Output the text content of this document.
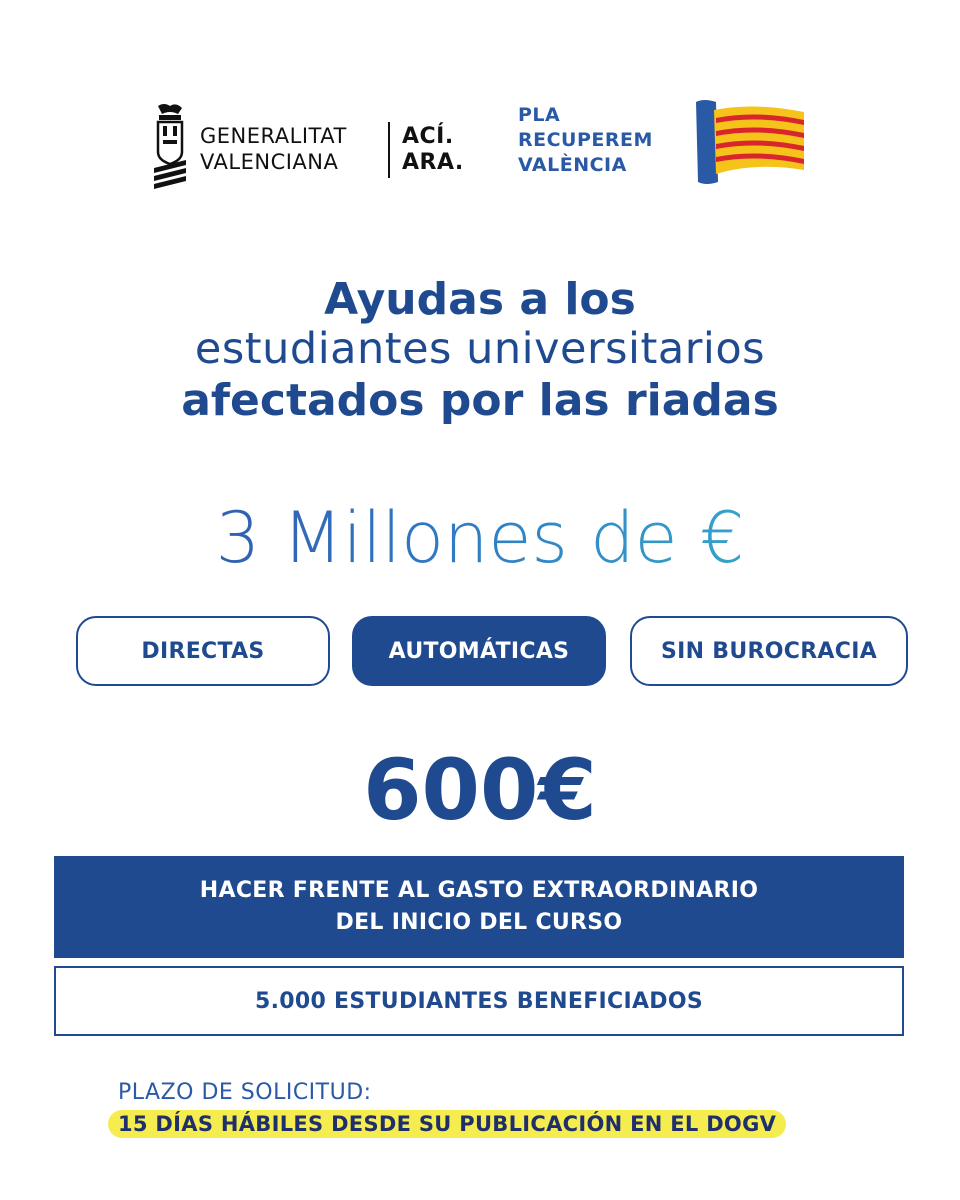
GENERALITAT
VALENCIANA
ACÍ.
ARA.
PLA
RECUPEREM
VALÈNCIA
Ayudas a los
estudiantes universitarios
afectados por las riadas
3 Millones de €
DIRECTAS	AUTOMÁTICAS	SIN BUROCRACIA
600€
HACER FRENTE AL GASTO EXTRAORDINARIO
DEL INICIO DEL CURSO
5.000 ESTUDIANTES BENEFICIADOS
PLAZO DE SOLICITUD:
15 DÍAS HÁBILES DESDE SU PUBLICACIÓN EN EL DOGV
